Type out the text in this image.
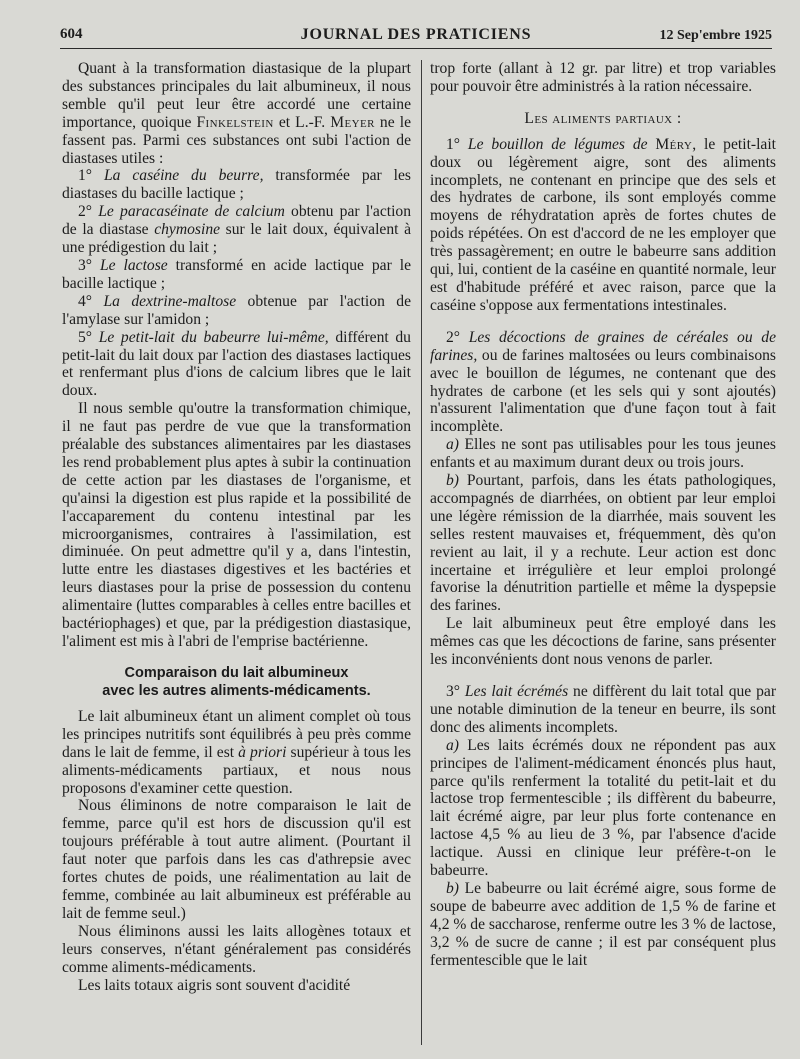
604	JOURNAL DES PRATICIENS	12 Sep'embre 1925

Quant à la transformation diastasique de la plupart des substances principales du lait albumineux, il nous semble qu'il peut leur être accordé une certaine importance, quoique Finkelstein et L.-F. Meyer ne le fassent pas. Parmi ces substances ont subi l'action de diastases utiles :

1° La caséine du beurre, transformée par les diastases du bacille lactique ;

2° Le paracaséinate de calcium obtenu par l'action de la diastase chymosine sur le lait doux, équivalent à une prédigestion du lait ;

3° Le lactose transformé en acide lactique par le bacille lactique ;

4° La dextrine-maltose obtenue par l'action de l'amylase sur l'amidon ;

5° Le petit-lait du babeurre lui-même, différent du petit-lait du lait doux par l'action des diastases lactiques et renfermant plus d'ions de calcium libres que le lait doux.

Il nous semble qu'outre la transformation chimique, il ne faut pas perdre de vue que la transformation préalable des substances alimentaires par les diastases les rend probablement plus aptes à subir la continuation de cette action par les diastases de l'organisme, et qu'ainsi la digestion est plus rapide et la possibilité de l'accaparement du contenu intestinal par les microorganismes, contraires à l'assimilation, est diminuée. On peut admettre qu'il y a, dans l'intestin, lutte entre les diastases digestives et les bactéries et leurs diastases pour la prise de possession du contenu alimentaire (luttes comparables à celles entre bacilles et bactériophages) et que, par la prédigestion diastasique, l'aliment est mis à l'abri de l'emprise bactérienne.

Comparaison du lait albumineux
avec les autres aliments-médicaments.

Le lait albumineux étant un aliment complet où tous les principes nutritifs sont équilibrés à peu près comme dans le lait de femme, il est à priori supérieur à tous les aliments-médicaments partiaux, et nous nous proposons d'examiner cette question.

Nous éliminons de notre comparaison le lait de femme, parce qu'il est hors de discussion qu'il est toujours préférable à tout autre aliment. (Pourtant il faut noter que parfois dans les cas d'athrepsie avec fortes chutes de poids, une réalimentation au lait de femme, combinée au lait albumineux est préférable au lait de femme seul.)

Nous éliminons aussi les laits allogènes totaux et leurs conserves, n'étant généralement pas considérés comme aliments-médicaments.

Les laits totaux aigris sont souvent d'acidité

trop forte (allant à 12 gr. par litre) et trop variables pour pouvoir être administrés à la ration nécessaire.

Les aliments partiaux :

1° Le bouillon de légumes de Méry, le petit-lait doux ou légèrement aigre, sont des aliments incomplets, ne contenant en principe que des sels et des hydrates de carbone, ils sont employés comme moyens de réhydratation après de fortes chutes de poids répétées. On est d'accord de ne les employer que très passagèrement; en outre le babeurre sans addition qui, lui, contient de la caséine en quantité normale, leur est d'habitude préféré et avec raison, parce que la caséine s'oppose aux fermentations intestinales.

2° Les décoctions de graines de céréales ou de farines, ou de farines maltosées ou leurs combinaisons avec le bouillon de légumes, ne contenant que des hydrates de carbone (et les sels qui y sont ajoutés) n'assurent l'alimentation que d'une façon tout à fait incomplète.

a) Elles ne sont pas utilisables pour les tous jeunes enfants et au maximum durant deux ou trois jours.

b) Pourtant, parfois, dans les états pathologiques, accompagnés de diarrhées, on obtient par leur emploi une légère rémission de la diarrhée, mais souvent les selles restent mauvaises et, fréquemment, dès qu'on revient au lait, il y a rechute. Leur action est donc incertaine et irrégulière et leur emploi prolongé favorise la dénutrition partielle et même la dyspepsie des farines.

Le lait albumineux peut être employé dans les mêmes cas que les décoctions de farine, sans présenter les inconvénients dont nous venons de parler.

3° Les lait écrémés ne diffèrent du lait total que par une notable diminution de la teneur en beurre, ils sont donc des aliments incomplets.

a) Les laits écrémés doux ne répondent pas aux principes de l'aliment-médicament énoncés plus haut, parce qu'ils renferment la totalité du petit-lait et du lactose trop fermentescible ; ils diffèrent du babeurre, lait écrémé aigre, par leur plus forte contenance en lactose 4,5 % au lieu de 3 %, par l'absence d'acide lactique. Aussi en clinique leur préfère-t-on le babeurre.

b) Le babeurre ou lait écrémé aigre, sous forme de soupe de babeurre avec addition de 1,5 % de farine et 4,2 % de saccharose, renferme outre les 3 % de lactose, 3,2 % de sucre de canne ; il est par conséquent plus fermentescible que le lait
